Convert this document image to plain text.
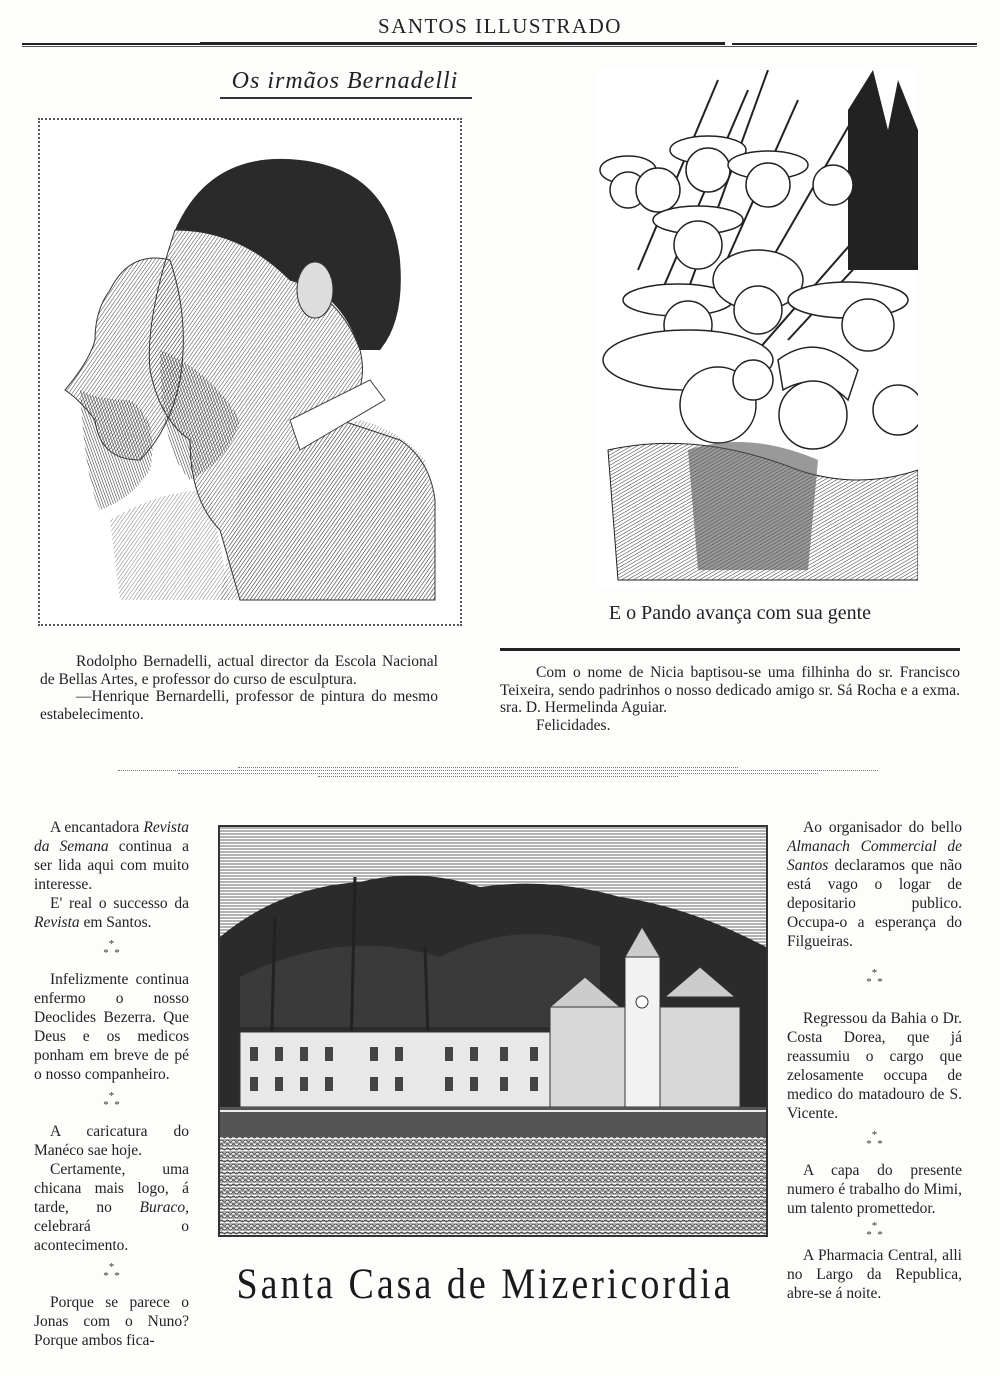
SANTOS ILLUSTRADO
Os irmãos Bernadelli
E o Pando avança com sua gente

Rodolpho Bernadelli, actual director da Escola Nacional de Bellas Artes, e professor do curso de esculptura.

—Henrique Bernardelli, professor de pintura do mesmo estabelecimento.

Com o nome de Nicia baptisou-se uma filhinha do sr. Francisco Teixeira, sendo padrinhos o nosso dedicado amigo sr. Sá Rocha e a exma. sra. D. Hermelinda Aguiar.

Felicidades.

A encantadora Revista da Semana continua a ser lida aqui com muito interesse.

E' real o successo da Revista em Santos.

*
*  *

Infelizmente continua enfermo o nosso Deoclides Bezerra. Que Deus e os medicos ponham em breve de pé o nosso companheiro.

*
*  *

A caricatura do Manéco sae hoje.

Certamente, uma chicana mais logo, á tarde, no Buraco, celebrará o acontecimento.

*
*  *

Porque se parece o Jonas com o Nuno? Porque ambos fica-

Santa Casa de Mizericordia

Ao organisador do bello Almanach Commercial de Santos declaramos que não está vago o logar de depositario publico. Occupa-o a esperança do Filgueiras.

*
*  *

Regressou da Bahia o Dr. Costa Dorea, que já reassumiu o cargo que zelosamente occupa de medico do matadouro de S. Vicente.

*
*  *

A capa do presente numero é trabalho do Mimi, um talento promettedor.

*
*  *

A Pharmacia Central, alli no Largo da Republica, abre-se á noite.
